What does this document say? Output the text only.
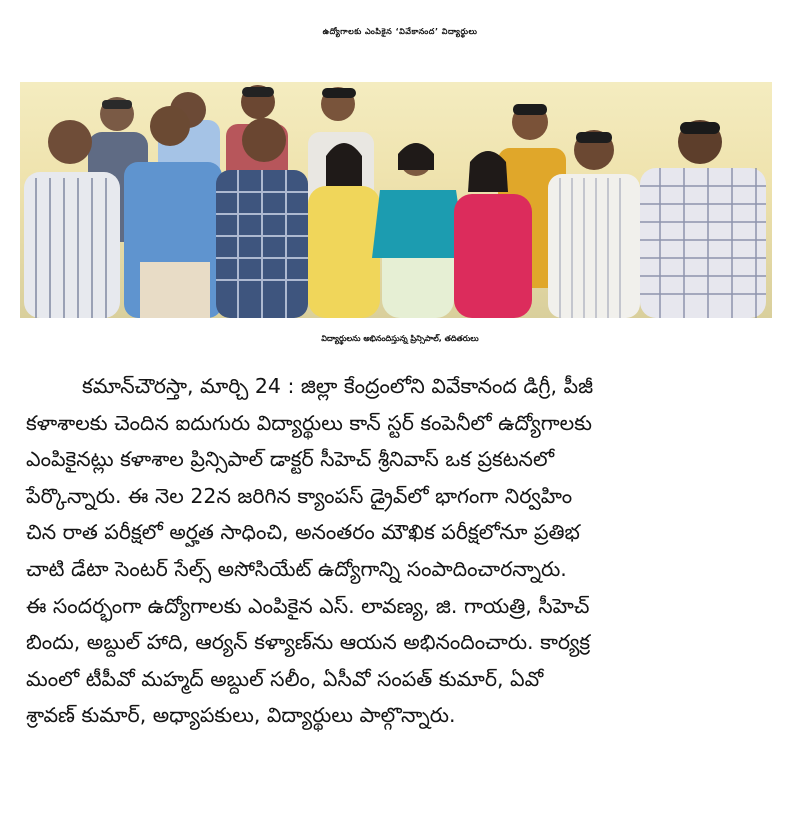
ఉద్యోగాలకు ఎంపికైన ‘వివేకానంద’ విద్యార్థులు
విద్యార్థులను అభినందిస్తున్న ప్రిన్సిపాల్‌, తదితరులు
కమాన్‌చౌరస్తా, మార్చి 24 : జిల్లా కేంద్రంలోని వివేకానంద డిగ్రీ, పీజీ
కళాశాలకు చెందిన ఐదుగురు విద్యార్థులు కాన్‌ స్టర్‌ కంపెనీలో ఉద్యోగాలకు
ఎంపికైనట్లు కళాశాల ప్రిన్సిపాల్‌ డాక్టర్‌ సీహెచ్‌ శ్రీనివాస్‌ ఒక ప్రకటనలో
పేర్కొన్నారు. ఈ నెల 22న జరిగిన క్యాంపస్‌ డ్రైవ్‌లో భాగంగా నిర్వహిం
చిన రాత పరీక్షలో అర్హత సాధించి, అనంతరం మౌఖిక పరీక్షలోనూ ప్రతిభ
చాటి డేటా సెంటర్‌ సేల్స్‌ అసోసియేట్‌ ఉద్యోగాన్ని సంపాదించారన్నారు.
ఈ సందర్భంగా ఉద్యోగాలకు ఎంపికైన ఎస్‌. లావణ్య, జి. గాయత్రి, సీహెచ్‌
బిందు, అబ్దుల్‌ హాది, ఆర్యన్‌ కళ్యాణ్‌ను ఆయన అభినందించారు. కార్యక్ర
మంలో టీపీవో మహ్మద్‌ అబ్దుల్‌ సలీం, ఏసీవో సంపత్‌ కుమార్‌, ఏవో
శ్రావణ్‌ కుమార్‌, అధ్యాపకులు, విద్యార్థులు పాల్గొన్నారు.
